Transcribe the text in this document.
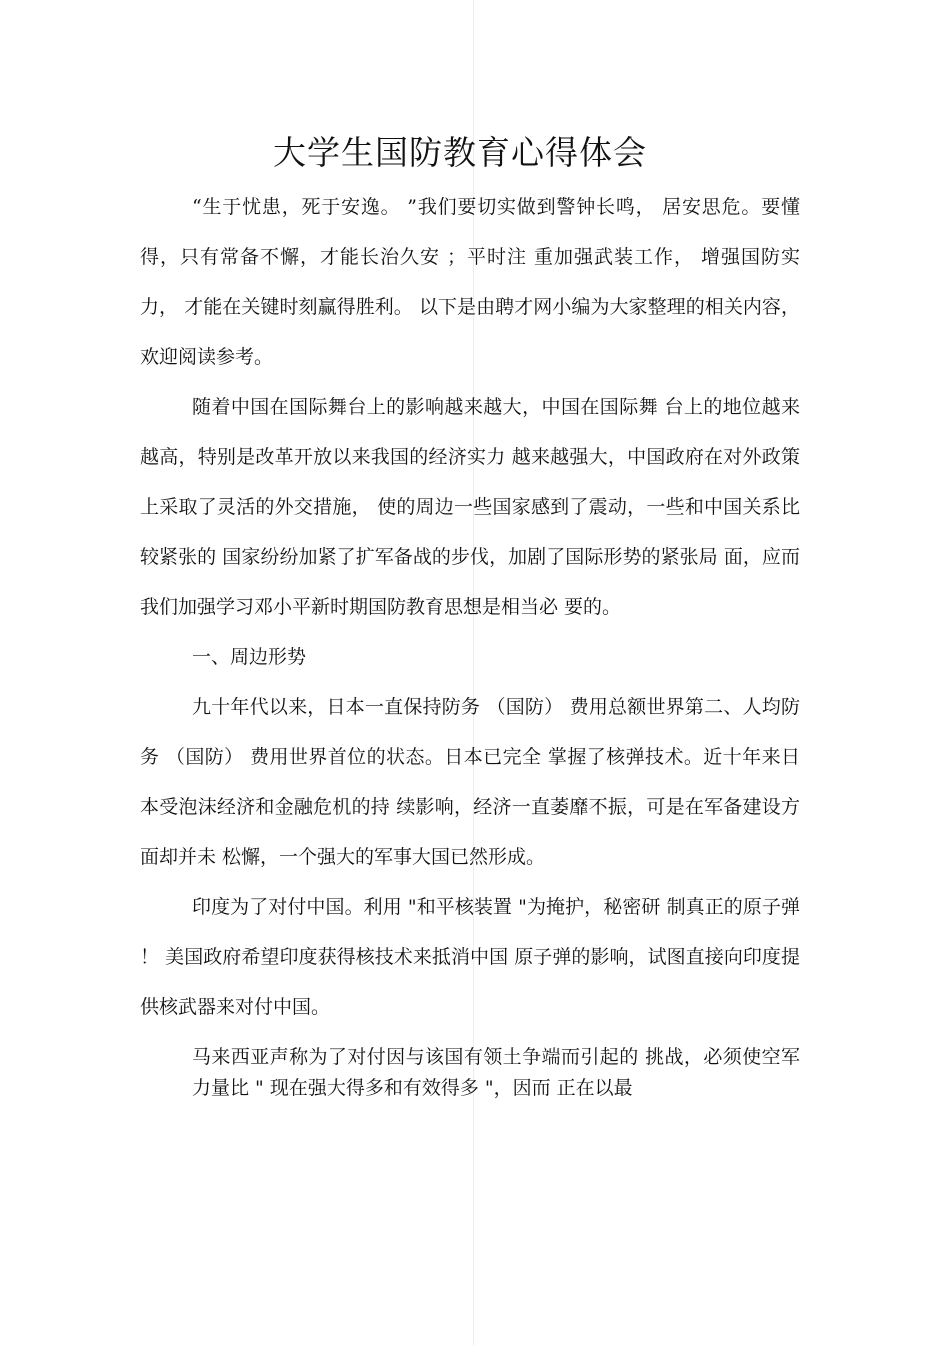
大学生国防教育心得体会

“生于忧患，死于安逸。 ”我们要切实做到警钟长鸣， 居安思危。要懂得，只有常备不懈，才能长治久安 ；平时注 重加强武装工作， 增强国防实力， 才能在关键时刻赢得胜利。 以下是由聘才网小编为大家整理的相关内容，欢迎阅读参考。

随着中国在国际舞台上的影响越来越大，中国在国际舞 台上的地位越来越高，特别是改革开放以来我国的经济实力 越来越强大，中国政府在对外政策上采取了灵活的外交措施， 使的周边一些国家感到了震动，一些和中国关系比较紧张的 国家纷纷加紧了扩军备战的步伐，加剧了国际形势的紧张局 面，应而我们加强学习邓小平新时期国防教育思想是相当必 要的。

一、周边形势

九十年代以来，日本一直保持防务 （国防） 费用总额世界第二、人均防务 （国防） 费用世界首位的状态。日本已完全 掌握了核弹技术。近十年来日本受泡沫经济和金融危机的持 续影响，经济一直萎靡不振，可是在军备建设方面却并未 松懈，一个强大的军事大国已然形成。

印度为了对付中国。利用 "和平核装置 "为掩护，秘密研 制真正的原子弹 ！ 美国政府希望印度获得核技术来抵消中国 原子弹的影响，试图直接向印度提供核武器来对付中国。

马来西亚声称为了对付因与该国有领土争端而引起的 挑战，必须使空军力量比 " 现在强大得多和有效得多 "，因而 正在以最
